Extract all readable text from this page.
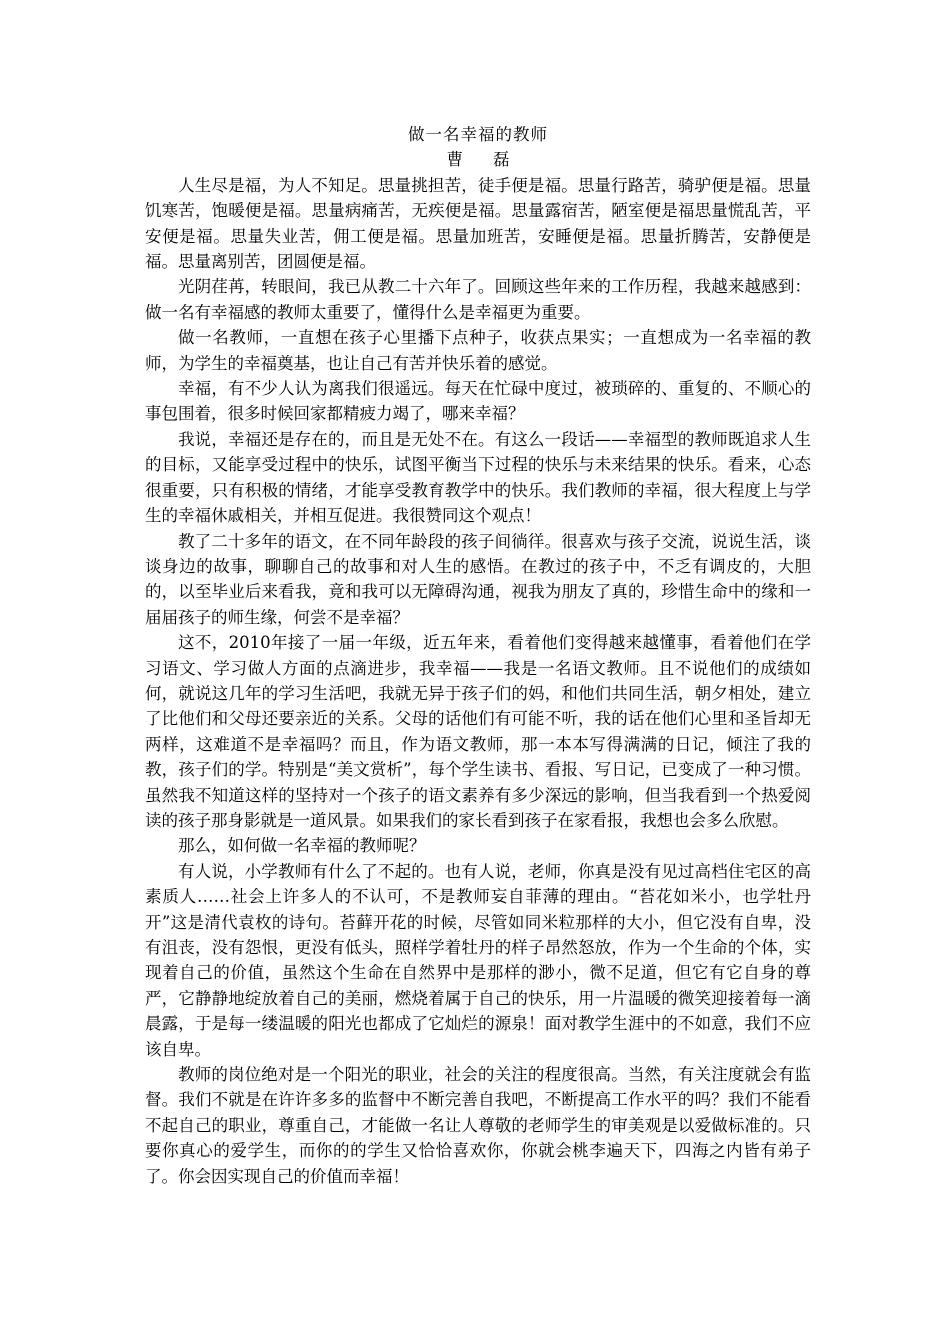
做一名幸福的教师
曹磊

人生尽是福，为人不知足。思量挑担苦，徒手便是福。思量行路苦，骑驴便是福。思量饥寒苦，饱暖便是福。思量病痛苦，无疾便是福。思量露宿苦，陋室便是福思量慌乱苦，平安便是福。思量失业苦，佣工便是福。思量加班苦，安睡便是福。思量折腾苦，安静便是福。思量离别苦，团圆便是福。

光阴荏苒，转眼间，我已从教二十六年了。回顾这些年来的工作历程，我越来越感到：做一名有幸福感的教师太重要了，懂得什么是幸福更为重要。

做一名教师，一直想在孩子心里播下点种子，收获点果实；一直想成为一名幸福的教师，为学生的幸福奠基，也让自己有苦并快乐着的感觉。

幸福，有不少人认为离我们很遥远。每天在忙碌中度过，被琐碎的、重复的、不顺心的事包围着，很多时候回家都精疲力竭了，哪来幸福？

我说，幸福还是存在的，而且是无处不在。有这么一段话——幸福型的教师既追求人生的目标，又能享受过程中的快乐，试图平衡当下过程的快乐与未来结果的快乐。看来，心态很重要，只有积极的情绪，才能享受教育教学中的快乐。我们教师的幸福，很大程度上与学生的幸福休戚相关，并相互促进。我很赞同这个观点！

教了二十多年的语文，在不同年龄段的孩子间徜徉。很喜欢与孩子交流，说说生活，谈谈身边的故事，聊聊自己的故事和对人生的感悟。在教过的孩子中，不乏有调皮的，大胆的，以至毕业后来看我，竟和我可以无障碍沟通，视我为朋友了真的，珍惜生命中的缘和一届届孩子的师生缘，何尝不是幸福？

这不，2010年接了一届一年级，近五年来，看着他们变得越来越懂事，看着他们在学习语文、学习做人方面的点滴进步，我幸福——我是一名语文教师。且不说他们的成绩如何，就说这几年的学习生活吧，我就无异于孩子们的妈，和他们共同生活，朝夕相处，建立了比他们和父母还要亲近的关系。父母的话他们有可能不听，我的话在他们心里和圣旨却无两样，这难道不是幸福吗？而且，作为语文教师，那一本本写得满满的日记，倾注了我的教，孩子们的学。特别是“美文赏析”，每个学生读书、看报、写日记，已变成了一种习惯。虽然我不知道这样的坚持对一个孩子的语文素养有多少深远的影响，但当我看到一个热爱阅读的孩子那身影就是一道风景。如果我们的家长看到孩子在家看报，我想也会多么欣慰。

那么，如何做一名幸福的教师呢？

有人说，小学教师有什么了不起的。也有人说，老师，你真是没有见过高档住宅区的高素质人……社会上许多人的不认可，不是教师妄自菲薄的理由。“苔花如米小，也学牡丹开”这是清代袁枚的诗句。苔藓开花的时候，尽管如同米粒那样的大小，但它没有自卑，没有沮丧，没有怨恨，更没有低头，照样学着牡丹的样子昂然怒放，作为一个生命的个体，实现着自己的价值，虽然这个生命在自然界中是那样的渺小，微不足道，但它有它自身的尊严，它静静地绽放着自己的美丽，燃烧着属于自己的快乐，用一片温暖的微笑迎接着每一滴晨露，于是每一缕温暖的阳光也都成了它灿烂的源泉！面对教学生涯中的不如意，我们不应该自卑。

教师的岗位绝对是一个阳光的职业，社会的关注的程度很高。当然，有关注度就会有监督。我们不就是在许许多多的监督中不断完善自我吧，不断提高工作水平的吗？我们不能看不起自己的职业，尊重自己，才能做一名让人尊敬的老师学生的审美观是以爱做标准的。只要你真心的爱学生，而你的的学生又恰恰喜欢你，你就会桃李遍天下，四海之内皆有弟子了。你会因实现自己的价值而幸福！
